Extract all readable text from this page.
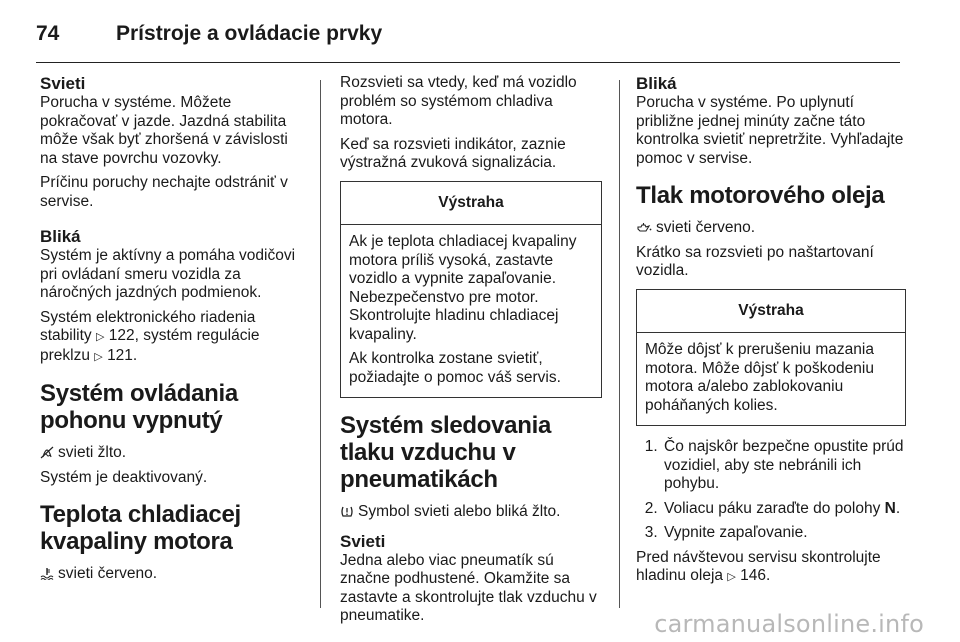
74	Prístroje a ovládacie prvky
Svieti

Porucha v systéme. Môžete pokračovať v jazde. Jazdná stabilita môže však byť zhoršená v závislosti na stave povrchu vozovky.

Príčinu poruchy nechajte odstrániť v servise.

Bliká

Systém je aktívny a pomáha vodičovi pri ovládaní smeru vozidla za náročných jazdných podmienok.

Systém elektronického riadenia stability ▷ 122, systém regulácie preklzu ▷ 121.

Systém ovládania pohonu vypnutý

svieti žlto.

Systém je deaktivovaný.

Teplota chladiacej kvapaliny motora

svieti červeno.

Rozsvieti sa vtedy, keď má vozidlo problém so systémom chladiva motora.

Keď sa rozsvieti indikátor, zaznie výstražná zvuková signalizácia.

Výstraha

Ak je teplota chladiacej kvapaliny motora príliš vysoká, zastavte vozidlo a vypnite zapaľovanie. Nebezpečenstvo pre motor. Skontrolujte hladinu chladiacej kvapaliny.

Ak kontrolka zostane svietiť, požiadajte o pomoc váš servis.

Systém sledovania tlaku vzduchu v pneumatikách

Symbol svieti alebo bliká žlto.

Svieti

Jedna alebo viac pneumatík sú značne podhustené. Okamžite sa zastavte a skontrolujte tlak vzduchu v pneumatike.

Bliká

Porucha v systéme. Po uplynutí približne jednej minúty začne táto kontrolka svietiť nepretržite. Vyhľadajte pomoc v servise.

Tlak motorového oleja

svieti červeno.

Krátko sa rozsvieti po naštartovaní vozidla.

Výstraha

Môže dôjsť k prerušeniu mazania motora. Môže dôjsť k poškodeniu motora a/alebo zablokovaniu poháňaných kolies.

1. Čo najskôr bezpečne opustite prúd vozidiel, aby ste nebránili ich pohybu.
2. Voliacu páku zaraďte do polohy N.
3. Vypnite zapaľovanie.

Pred návštevou servisu skontrolujte hladinu oleja ▷ 146.

carmanualsonline.info
